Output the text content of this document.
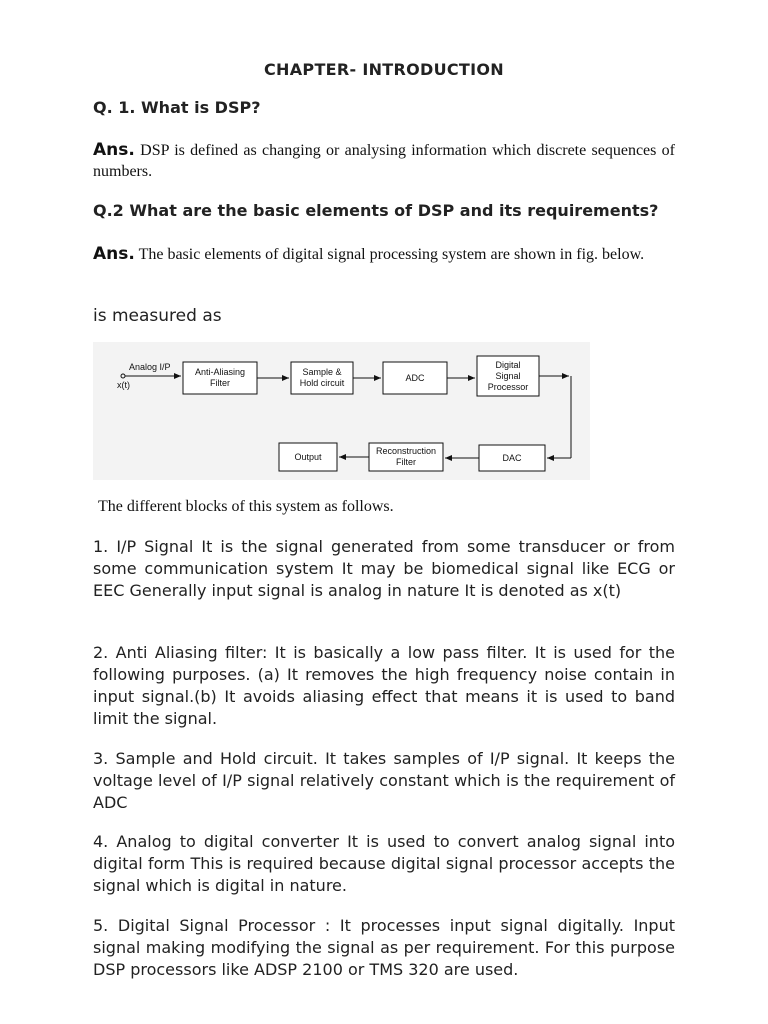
CHAPTER- INTRODUCTION
Q. 1. What is DSP?
Ans. DSP is defined as changing or analysing information which discrete sequences of numbers.
Q.2 What are the basic elements of DSP and its requirements?
Ans. The basic elements of digital signal processing system are shown in fig. below.
is measured as
Analog I/P
x(t)
Anti-Aliasing
Filter
Sample &
Hold circuit	ADC
Digital
Signal
Processor
DAC
Reconstruction
Filter
Output
The different blocks of this system as follows.
1. I/P Signal It is the signal generated from some transducer or from some communication system It may be biomedical signal like ECG or EEC Generally input signal is analog in nature It is denoted as x(t)
2. Anti Aliasing filter: It is basically a low pass filter. It is used for the following purposes. (a) It removes the high frequency noise contain in input signal.(b) It avoids aliasing effect that means it is used to band limit the signal.
3. Sample and Hold circuit. It takes samples of I/P signal. It keeps the voltage level of I/P signal relatively constant which is the requirement of ADC
4. Analog to digital converter It is used to convert analog signal into digital form This is required because digital signal processor accepts the signal which is digital in nature.
5. Digital Signal Processor : It processes input signal digitally. Input signal making modifying the signal as per requirement. For this purpose DSP processors like ADSP 2100 or TMS 320 are used.
